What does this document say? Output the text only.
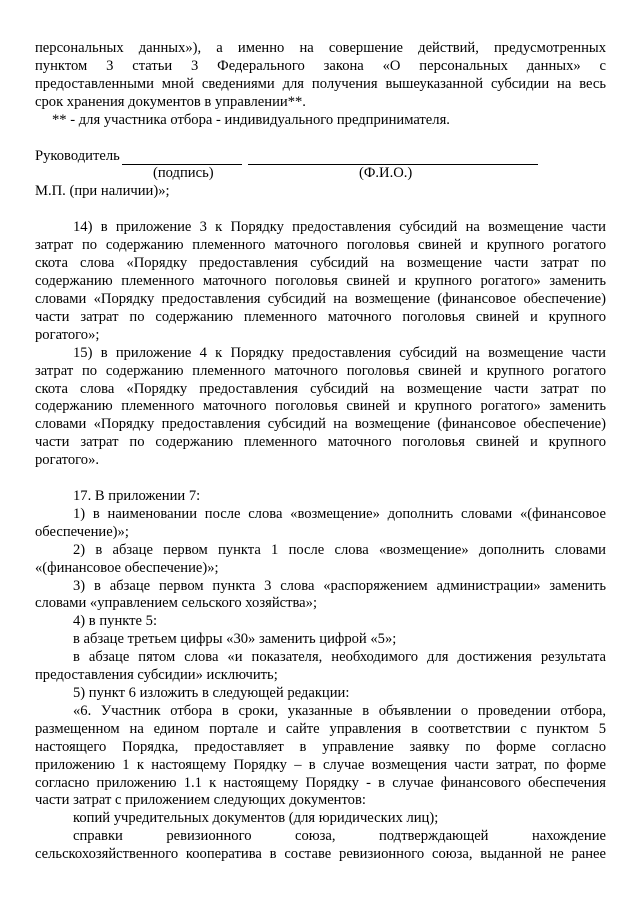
персональных данных»), а именно на совершение действий, предусмотренных

пунктом 3 статьи 3 Федерального закона «О персональных данных» с

предоставленными мной сведениями для получения вышеуказанной субсидии на весь

срок хранения документов в управлении**.

** - для участника отбора - индивидуального предпринимателя.

Руководитель
(подпись)	(Ф.И.О.)

М.П. (при наличии)»;

14) в приложение 3 к Порядку предоставления субсидий на возмещение части

затрат по содержанию племенного маточного поголовья свиней и крупного рогатого

скота слова «Порядку предоставления субсидий на возмещение части затрат по

содержанию племенного маточного поголовья свиней и крупного рогатого» заменить

словами «Порядку предоставления субсидий на возмещение (финансовое обеспечение)

части затрат по содержанию племенного маточного поголовья свиней и крупного

рогатого»;

15) в приложение 4 к Порядку предоставления субсидий на возмещение части

затрат по содержанию племенного маточного поголовья свиней и крупного рогатого

скота слова «Порядку предоставления субсидий на возмещение части затрат по

содержанию племенного маточного поголовья свиней и крупного рогатого» заменить

словами «Порядку предоставления субсидий на возмещение (финансовое обеспечение)

части затрат по содержанию племенного маточного поголовья свиней и крупного

рогатого».

17. В приложении 7:

1) в наименовании после слова «возмещение» дополнить словами «(финансовое

обеспечение)»;

2) в абзаце первом пункта 1 после слова «возмещение» дополнить словами

«(финансовое обеспечение)»;

3) в абзаце первом пункта 3 слова «распоряжением администрации» заменить

словами «управлением сельского хозяйства»;

4) в пункте 5:

в абзаце третьем цифры «30» заменить цифрой «5»;

в абзаце пятом слова «и показателя, необходимого для достижения результата

предоставления субсидии» исключить;

5) пункт 6 изложить в следующей редакции:

«6. Участник отбора в сроки, указанные в объявлении о проведении отбора,

размещенном на едином портале и сайте управления в соответствии с пунктом 5

настоящего Порядка, предоставляет в управление заявку по форме согласно

приложению 1 к настоящему Порядку – в случае возмещения части затрат, по форме

согласно приложению 1.1 к настоящему Порядку - в случае финансового обеспечения

части затрат с приложением следующих документов:

копий учредительных документов (для юридических лиц);

справки ревизионного союза, подтверждающей нахождение

сельскохозяйственного кооператива в составе ревизионного союза, выданной не ранее
